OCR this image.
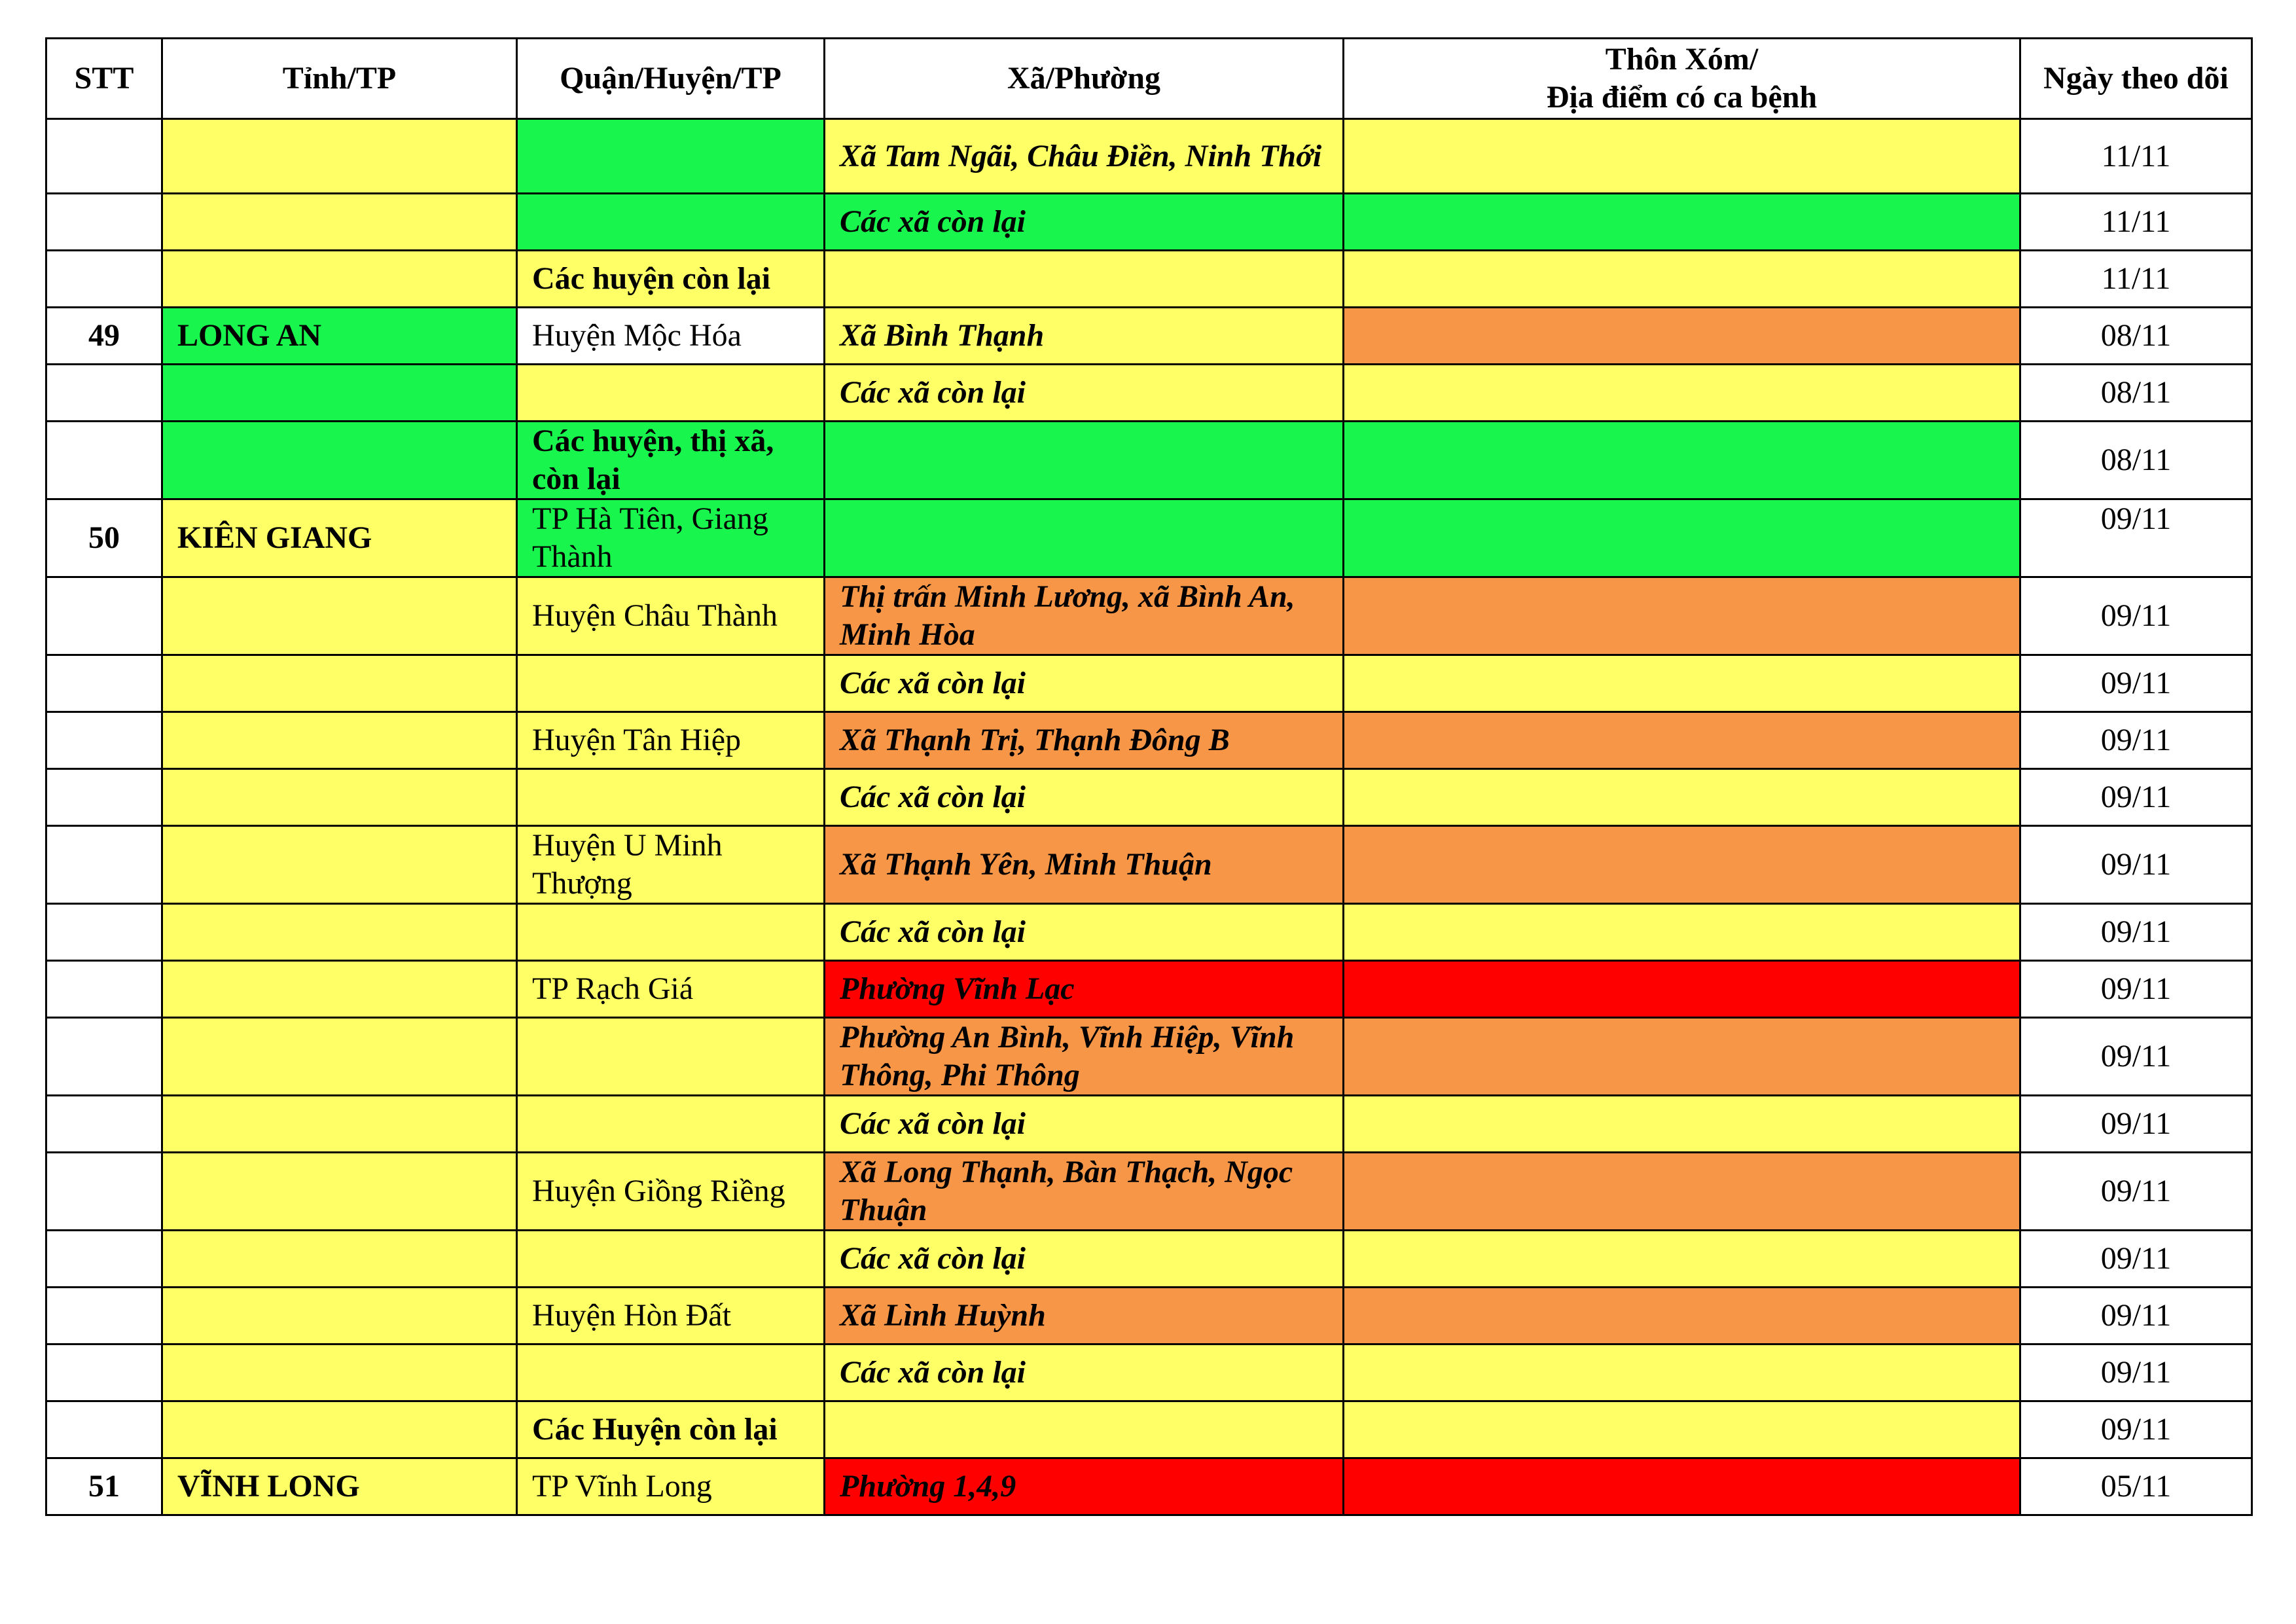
STT	Tỉnh/TP	Quận/Huyện/TP	Xã/Phường	Thôn Xóm/
Địa điểm có ca bệnh	Ngày theo dõi
			Xã Tam Ngãi, Châu Điền, Ninh Thới		11/11
			Các xã còn lại		11/11
		Các huyện còn lại			11/11
49	LONG AN	Huyện Mộc Hóa	Xã Bình Thạnh		08/11
			Các xã còn lại		08/11
		Các huyện, thị xã, còn lại			08/11
50	KIÊN GIANG	TP Hà Tiên, Giang Thành			09/11
		Huyện Châu Thành	Thị trấn Minh Lương, xã Bình An, Minh Hòa		09/11
			Các xã còn lại		09/11
		Huyện Tân Hiệp	Xã Thạnh Trị, Thạnh Đông B		09/11
			Các xã còn lại		09/11
		Huyện U Minh Thượng	Xã Thạnh Yên, Minh Thuận		09/11
			Các xã còn lại		09/11
		TP Rạch Giá	Phường Vĩnh Lạc		09/11
			Phường An Bình, Vĩnh Hiệp, Vĩnh Thông, Phi Thông		09/11
			Các xã còn lại		09/11
		Huyện Giồng Riềng	Xã Long Thạnh, Bàn Thạch, Ngọc Thuận		09/11
			Các xã còn lại		09/11
		Huyện Hòn Đất	Xã Lình Huỳnh		09/11
			Các xã còn lại		09/11
		Các Huyện còn lại			09/11
51	VĨNH LONG	TP Vĩnh Long	Phường 1,4,9		05/11
